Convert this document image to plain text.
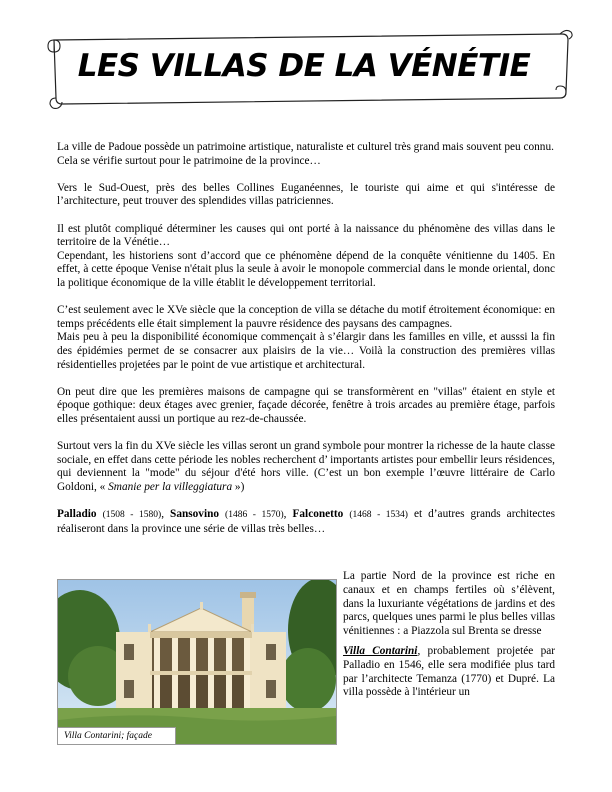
LES VILLAS DE LA VÉNÉTIE

La ville de Padoue possède un patrimoine artistique, naturaliste et culturel très grand mais souvent peu connu.

Cela se vérifie surtout pour le patrimoine de la province…

Vers le Sud-Ouest, près des belles Collines Euganéennes, le touriste qui aime et qui s'intéresse de l’architecture, peut trouver des splendides villas patriciennes.

Il est plutôt compliqué déterminer les causes qui ont porté à la naissance du phénomène des villas dans le territoire de la Vénétie…

Cependant, les historiens sont d’accord que ce phénomène dépend de la conquête vénitienne du 1405. En effet, à cette époque Venise n'était plus la seule à avoir le monopole commercial dans le monde oriental, donc la politique économique de la ville établit le développement territorial.

C’est seulement avec le XVe siècle que la conception de villa se détache du motif étroitement économique: en temps précédents elle était simplement la pauvre résidence des paysans des campagnes.

Mais peu à peu la disponibilité économique commençait à s’élargir dans les familles en ville, et ausssi la fin des épidémies permet de se consacrer aux plaisirs de la vie… Voilà la construction des premières villas résidentielles projetées par le point de vue artistique et architectural.

On peut dire que les premières maisons de campagne qui se transformèrent en "villas" étaient en style et époque gothique: deux étages avec grenier, façade décorée, fenêtre à trois arcades au première étage, parfois elles présentaient aussi un portique au rez-de-chaussée.

Surtout vers la fin du XVe siècle les villas seront un grand symbole pour montrer la richesse de la haute classe sociale, en effet dans cette période les nobles recherchent d’ importants artistes pour embellir leurs résidences, qui deviennent la "mode" du séjour d'été hors ville. (C’est un bon exemple l’œuvre littéraire de Carlo Goldoni, « Smanie per la villeggiatura »)

Palladio (1508 - 1580), Sansovino (1486 - 1570), Falconetto (1468 - 1534) et d’autres grands architectes réaliseront dans la province une série de villas très belles…

Villa Contarini; façade

La partie Nord de la province est riche en canaux et en champs fertiles où s’élèvent, dans la luxuriante végétations de jardins et des parcs, quelques unes parmi le plus belles villas vénitiennes : a Piazzola sul Brenta se dresse

Villa Contarini, probablement projetée par Palladio en 1546, elle sera modifiée plus tard par l’architecte Temanza (1770) et Dupré. La villa possède à l'intérieur un
